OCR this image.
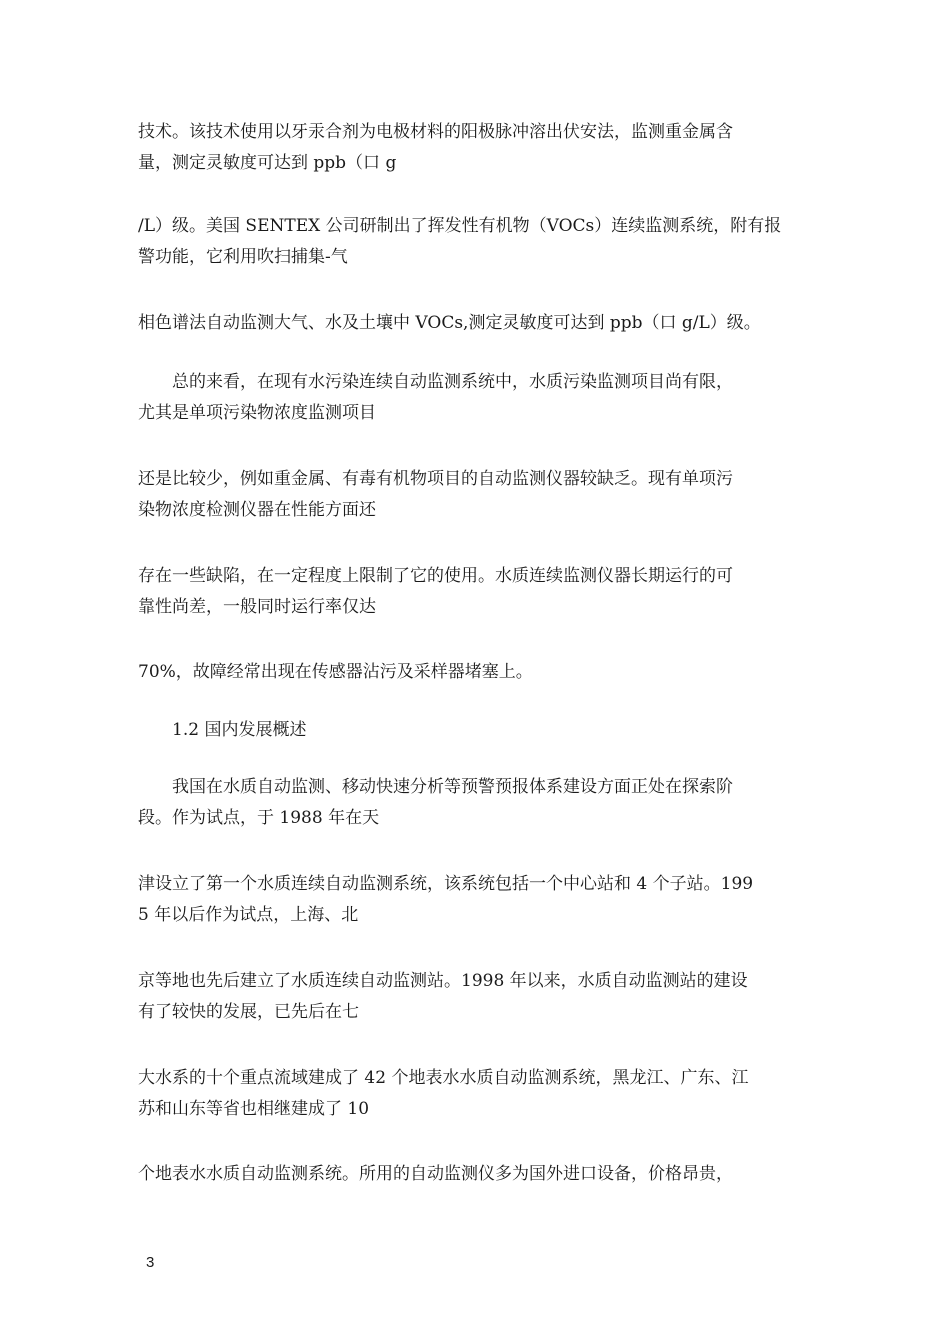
技术。该技术使用以牙汞合剂为电极材料的阳极脉冲溶出伏安法，监测重金属含
量，测定灵敏度可达到 ppb（口 g
/L）级。美国 SENTEX 公司研制出了挥发性有机物（VOCs）连续监测系统，附有报
警功能，它利用吹扫捕集-气
相色谱法自动监测大气、水及土壤中 VOCs,测定灵敏度可达到 ppb（口 g/L）级。
　　总的来看，在现有水污染连续自动监测系统中，水质污染监测项目尚有限，
尤其是单项污染物浓度监测项目
还是比较少，例如重金属、有毒有机物项目的自动监测仪器较缺乏。现有单项污
染物浓度检测仪器在性能方面还
存在一些缺陷，在一定程度上限制了它的使用。水质连续监测仪器长期运行的可
靠性尚差，一般同时运行率仅达
70%，故障经常出现在传感器沾污及采样器堵塞上。
　　1.2 国内发展概述
　　我国在水质自动监测、移动快速分析等预警预报体系建设方面正处在探索阶
段。作为试点，于 1988 年在天
津设立了第一个水质连续自动监测系统，该系统包括一个中心站和 4 个子站。199
5 年以后作为试点，上海、北
京等地也先后建立了水质连续自动监测站。1998 年以来，水质自动监测站的建设
有了较快的发展，已先后在七
大水系的十个重点流域建成了 42 个地表水水质自动监测系统，黑龙江、广东、江
苏和山东等省也相继建成了 10
个地表水水质自动监测系统。所用的自动监测仪多为国外进口设备，价格昂贵，
3
